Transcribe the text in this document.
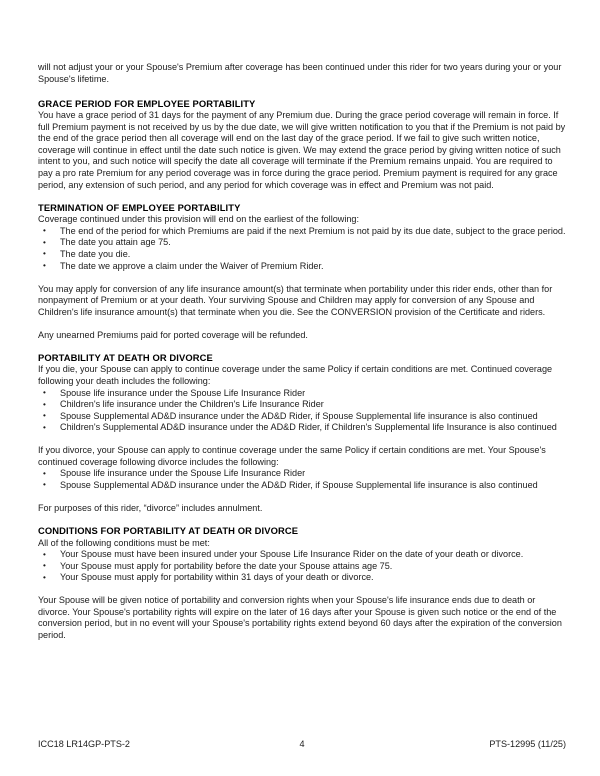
will not adjust your or your Spouse's Premium after coverage has been continued under this rider for two years during your or your Spouse's lifetime.

GRACE PERIOD FOR EMPLOYEE PORTABILITY

You have a grace period of 31 days for the payment of any Premium due. During the grace period coverage will remain in force. If full Premium payment is not received by us by the due date, we will give written notification to you that if the Premium is not paid by the end of the grace period then all coverage will end on the last day of the grace period. If we fail to give such written notice, coverage will continue in effect until the date such notice is given. We may extend the grace period by giving written notice of such intent to you, and such notice will specify the date all coverage will terminate if the Premium remains unpaid. You are required to pay a pro rate Premium for any period coverage was in force during the grace period. Premium payment is required for any grace period, any extension of such period, and any period for which coverage was in effect and Premium was not paid.

TERMINATION OF EMPLOYEE PORTABILITY

Coverage continued under this provision will end on the earliest of the following:

• The end of the period for which Premiums are paid if the next Premium is not paid by its due date, subject to the grace period.
• The date you attain age 75.
• The date you die.
• The date we approve a claim under the Waiver of Premium Rider.

You may apply for conversion of any life insurance amount(s) that terminate when portability under this rider ends, other than for nonpayment of Premium or at your death. Your surviving Spouse and Children may apply for conversion of any Spouse and Children's life insurance amount(s) that terminate when you die. See the CONVERSION provision of the Certificate and riders.

Any unearned Premiums paid for ported coverage will be refunded.

PORTABILITY AT DEATH OR DIVORCE

If you die, your Spouse can apply to continue coverage under the same Policy if certain conditions are met. Continued coverage following your death includes the following:

• Spouse life insurance under the Spouse Life Insurance Rider
• Children's life insurance under the Children's Life Insurance Rider
• Spouse Supplemental AD&D insurance under the AD&D Rider, if Spouse Supplemental life insurance is also continued
• Children's Supplemental AD&D insurance under the AD&D Rider, if Children's Supplemental life Insurance is also continued

If you divorce, your Spouse can apply to continue coverage under the same Policy if certain conditions are met. Your Spouse's continued coverage following divorce includes the following:

• Spouse life insurance under the Spouse Life Insurance Rider
• Spouse Supplemental AD&D insurance under the AD&D Rider, if Spouse Supplemental life insurance is also continued

For purposes of this rider, “divorce” includes annulment.

CONDITIONS FOR PORTABILITY AT DEATH OR DIVORCE

All of the following conditions must be met:

• Your Spouse must have been insured under your Spouse Life Insurance Rider on the date of your death or divorce.
• Your Spouse must apply for portability before the date your Spouse attains age 75.
• Your Spouse must apply for portability within 31 days of your death or divorce.

Your Spouse will be given notice of portability and conversion rights when your Spouse's life insurance ends due to death or divorce. Your Spouse's portability rights will expire on the later of 16 days after your Spouse is given such notice or the end of the conversion period, but in no event will your Spouse's portability rights extend beyond 60 days after the expiration of the conversion period.

ICC18 LR14GP-PTS-2	4	PTS-12995 (11/25)
